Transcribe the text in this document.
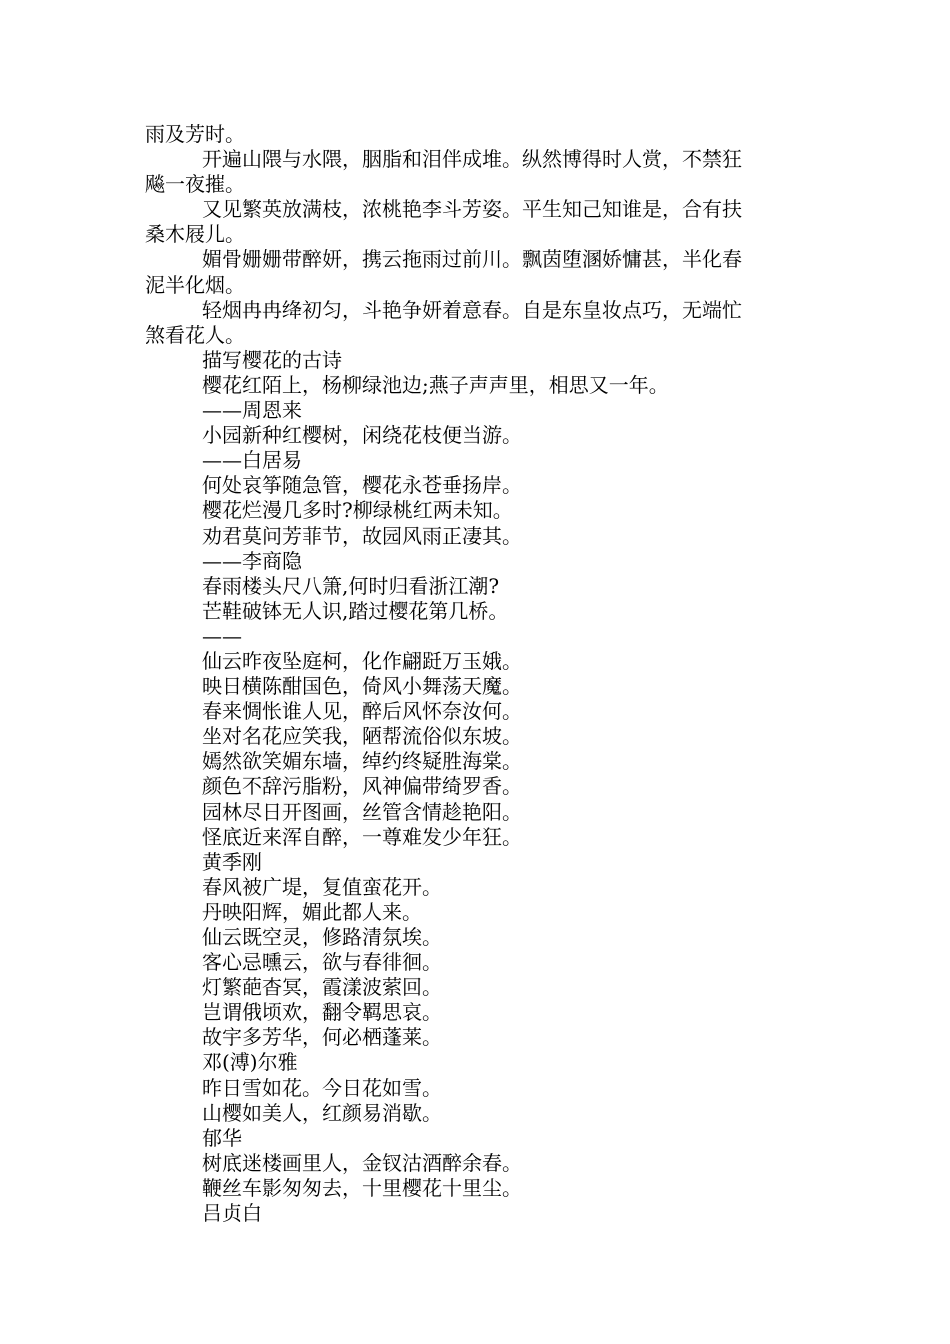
雨及芳时。
开遍山隈与水隈，胭脂和泪伴成堆。纵然博得时人赏，不禁狂
飚一夜摧。
又见繁英放满枝，浓桃艳李斗芳姿。平生知己知谁是，合有扶
桑木屐儿。
媚骨姗姗带醉妍，携云拖雨过前川。飘茵堕溷娇慵甚，半化春
泥半化烟。
轻烟冉冉绛初匀，斗艳争妍着意春。自是东皇妆点巧，无端忙
煞看花人。
描写樱花的古诗
樱花红陌上，杨柳绿池边;燕子声声里，相思又一年。
——周恩来
小园新种红樱树，闲绕花枝便当游。
——白居易
何处哀筝随急管，樱花永苍垂扬岸。
樱花烂漫几多时?柳绿桃红两未知。
劝君莫问芳菲节，故园风雨正凄其。
——李商隐
春雨楼头尺八箫,何时归看浙江潮?
芒鞋破钵无人识,踏过樱花第几桥。
——
仙云昨夜坠庭柯，化作翩跹万玉娥。
映日横陈酣国色，倚风小舞荡天魔。
春来惆怅谁人见，醉后风怀奈汝何。
坐对名花应笑我，陋帮流俗似东坡。
嫣然欲笑媚东墙，绰约终疑胜海棠。
颜色不辞污脂粉，风神偏带绮罗香。
园林尽日开图画，丝管含情趁艳阳。
怪底近来浑自醉，一尊难发少年狂。
黄季刚
春风被广堤，复值蛮花开。
丹映阳辉，媚此都人来。
仙云既空灵，修路清氛埃。
客心忌曛云，欲与春徘徊。
灯繁葩杳冥，霞漾波萦回。
岂谓俄顷欢，翻令羁思哀。
故宇多芳华，何必栖蓬莱。
邓(溥)尔雅
昨日雪如花。今日花如雪。
山樱如美人，红颜易消歇。
郁华
树底迷楼画里人，金钗沽酒醉余春。
鞭丝车影匆匆去，十里樱花十里尘。
吕贞白
